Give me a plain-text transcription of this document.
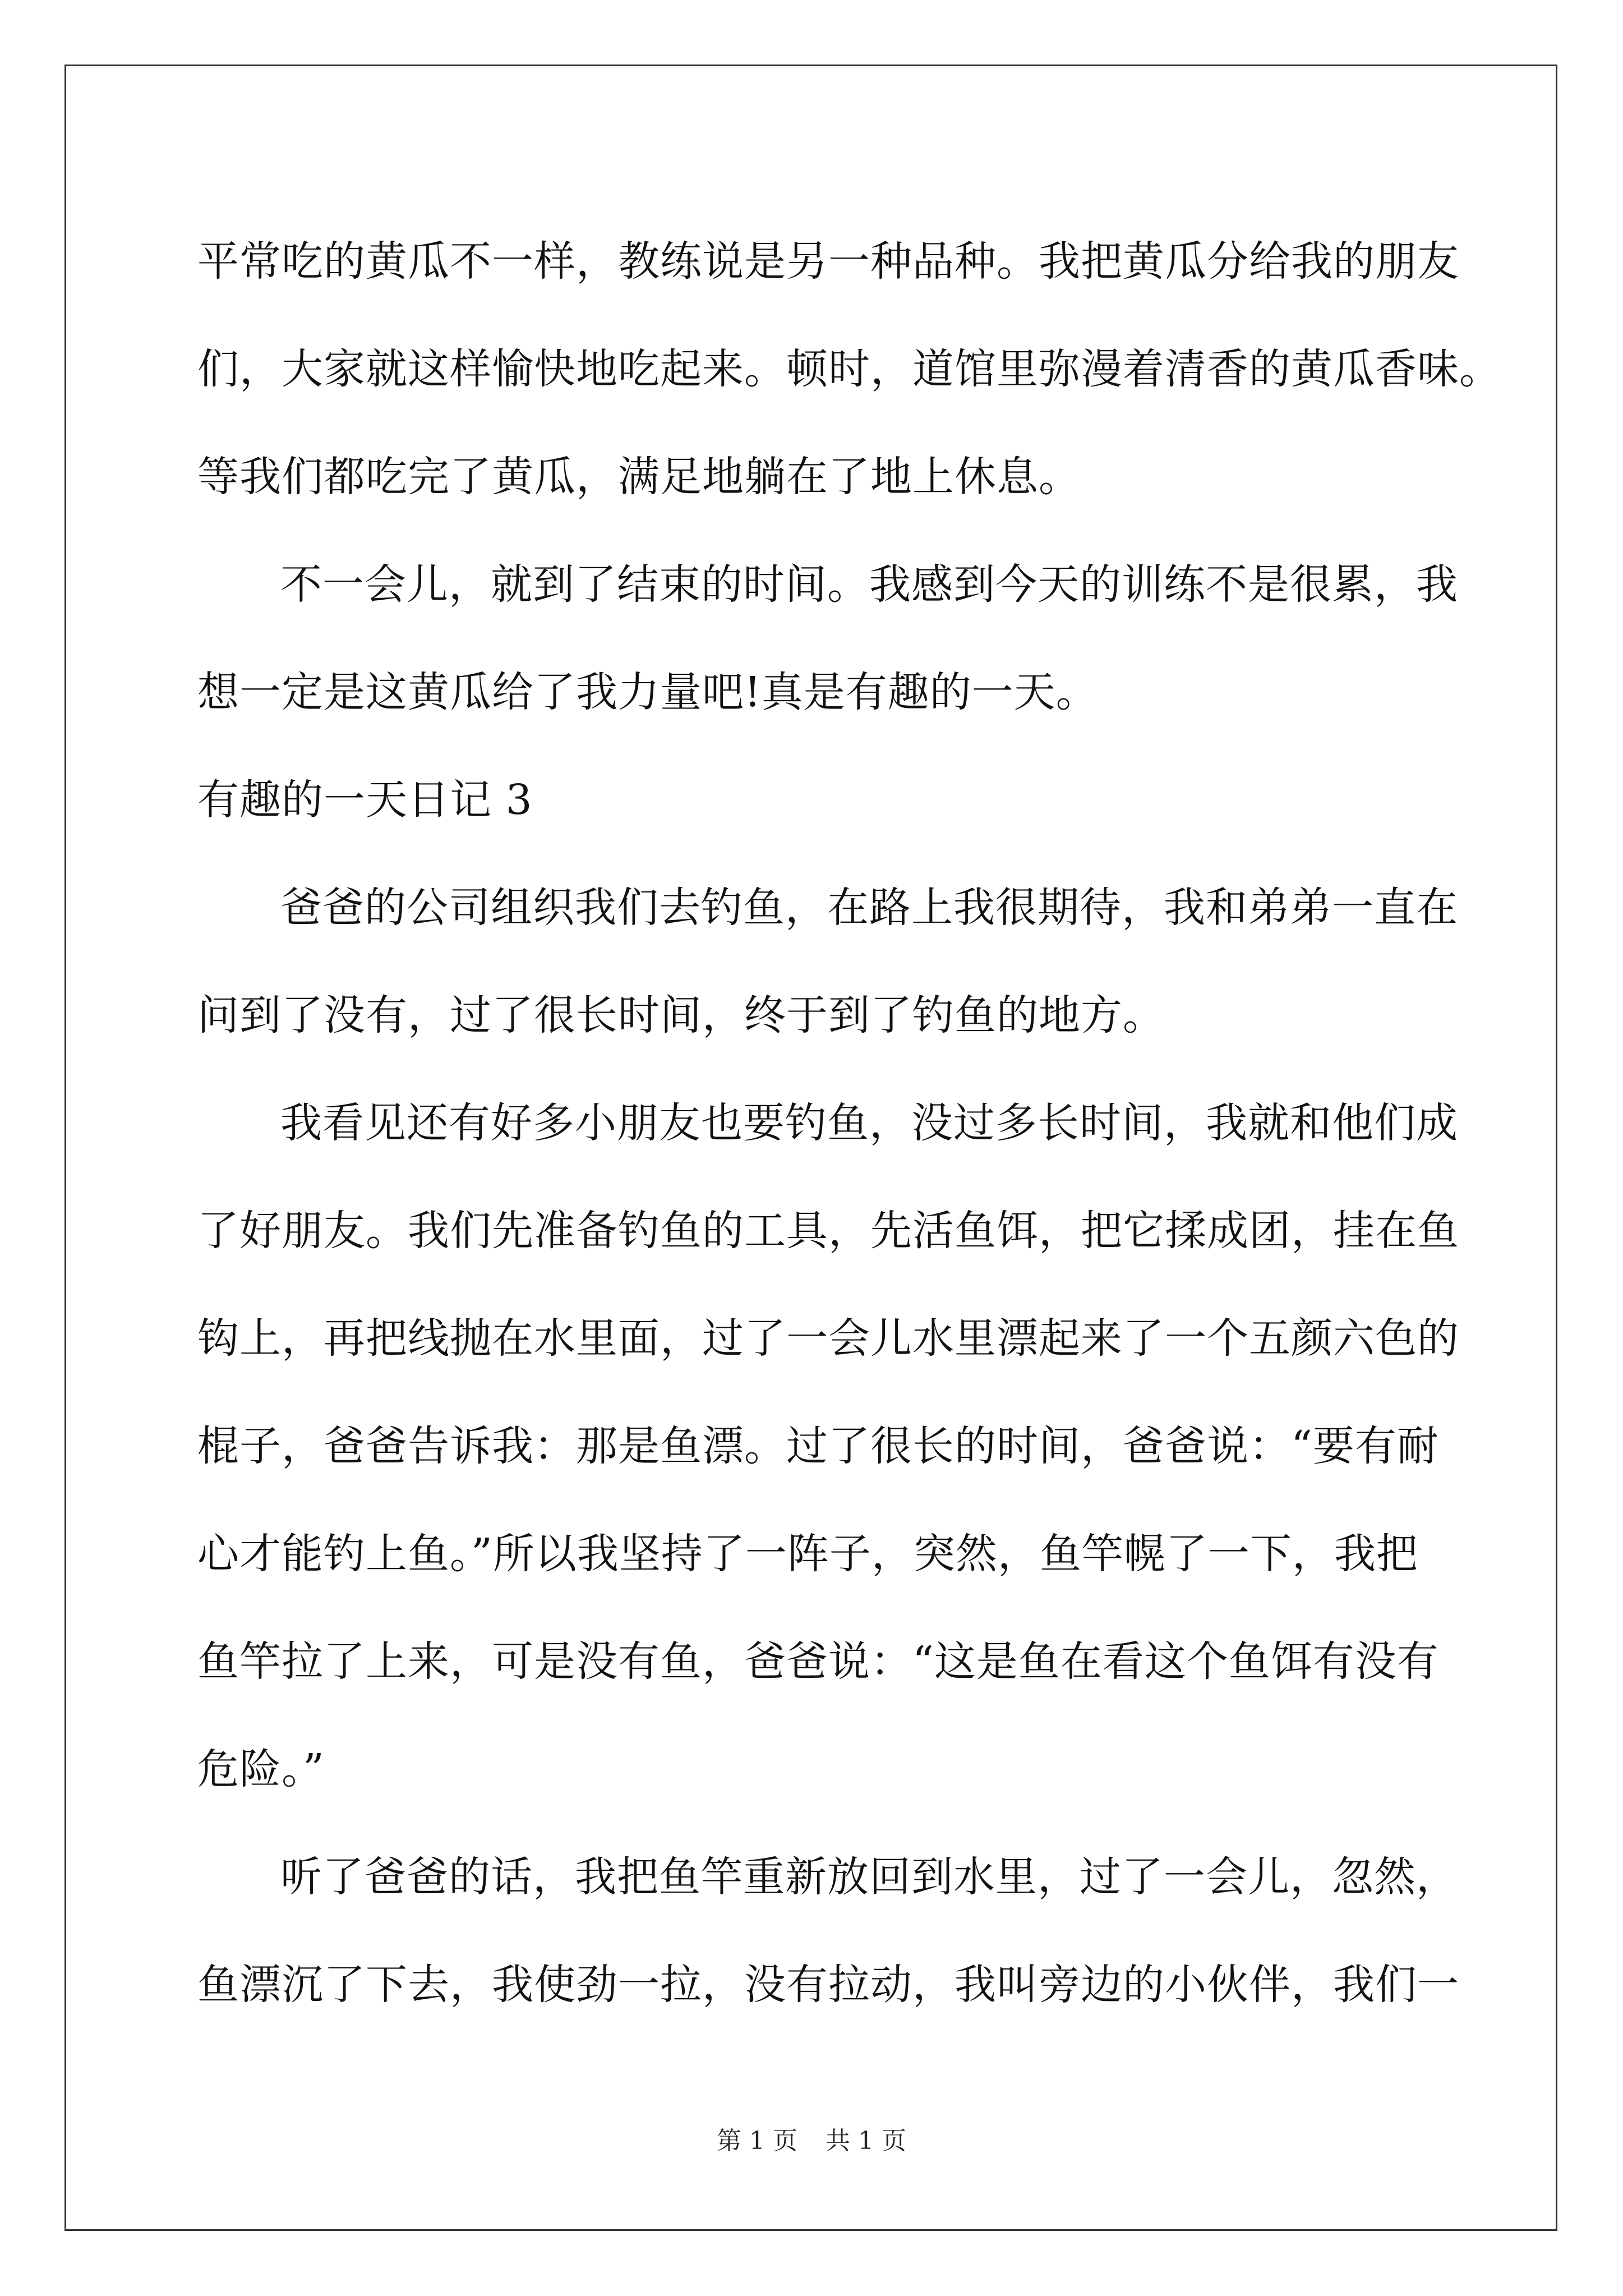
平常吃的黄瓜不一样，教练说是另一种品种。我把黄瓜分给我的朋友
们，大家就这样愉快地吃起来。顿时，道馆里弥漫着清香的黄瓜香味。
等我们都吃完了黄瓜，满足地躺在了地上休息。
不一会儿，就到了结束的时间。我感到今天的训练不是很累，我
想一定是这黄瓜给了我力量吧!真是有趣的一天。
有趣的一天日记 3
爸爸的公司组织我们去钓鱼，在路上我很期待，我和弟弟一直在
问到了没有，过了很长时间，终于到了钓鱼的地方。
我看见还有好多小朋友也要钓鱼，没过多长时间，我就和他们成
了好朋友。我们先准备钓鱼的工具，先活鱼饵，把它揉成团，挂在鱼
钩上，再把线抛在水里面，过了一会儿水里漂起来了一个五颜六色的
棍子，爸爸告诉我：那是鱼漂。过了很长的时间，爸爸说：“要有耐
心才能钓上鱼。”所以我坚持了一阵子，突然，鱼竿幌了一下，我把
鱼竿拉了上来，可是没有鱼，爸爸说：“这是鱼在看这个鱼饵有没有
危险。”
听了爸爸的话，我把鱼竿重新放回到水里，过了一会儿，忽然，
鱼漂沉了下去，我使劲一拉，没有拉动，我叫旁边的小伙伴，我们一
第 1 页 共 1 页
